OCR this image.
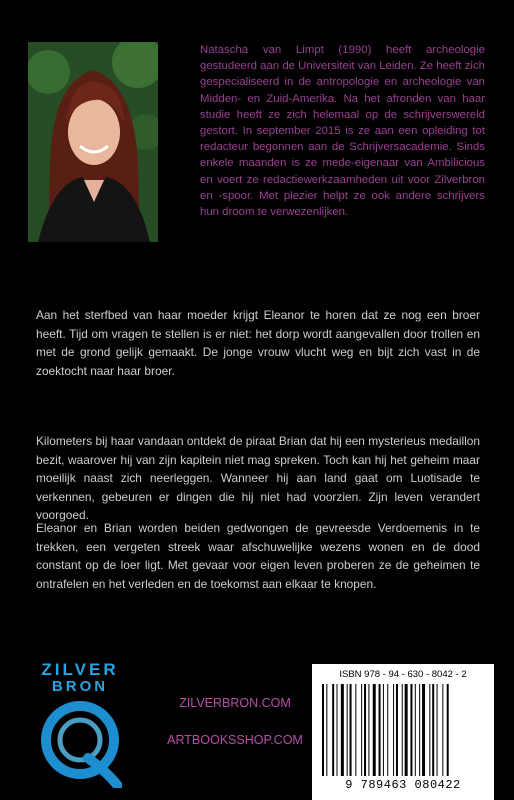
Natascha van Limpt (1990) heeft archeologie gestudeerd aan de Universiteit van Leiden. Ze heeft zich gespecialiseerd in de antropologie en archeologie van Midden- en Zuid-Amerika. Na het afronden van haar studie heeft ze zich helemaal op de schrijverswereld gestort. In september 2015 is ze aan een opleiding tot redacteur begonnen aan de Schrijversacademie. Sinds enkele maanden is ze mede-eigenaar van Ambilicious en voert ze redactiewerkzaamheden uit voor Zilverbron en -spoor. Met plezier helpt ze ook andere schrijvers hun droom te verwezenlijken.

Aan het sterfbed van haar moeder krijgt Eleanor te horen dat ze nog een broer heeft. Tijd om vragen te stellen is er niet: het dorp wordt aangevallen door trollen en met de grond gelijk gemaakt. De jonge vrouw vlucht weg en bijt zich vast in de zoektocht naar haar broer.

Kilometers bij haar vandaan ontdekt de piraat Brian dat hij een mysterieus medaillon bezit, waarover hij van zijn kapitein niet mag spreken. Toch kan hij het geheim maar moeilijk naast zich neerleggen. Wanneer hij aan land gaat om Luotisade te verkennen, gebeuren er dingen die hij niet had voorzien. Zijn leven verandert voorgoed.

Eleanor en Brian worden beiden gedwongen de gevreesde Verdoemenis in te trekken, een vergeten streek waar afschuwelijke wezens wonen en de dood constant op de loer ligt. Met gevaar voor eigen leven proberen ze de geheimen te ontrafelen en het verleden en de toekomst aan elkaar te knopen.

ZILVER
BRON
ZILVERBRON.COM
ARTBOOKSSHOP.COM
ISBN 978 - 94 - 630 - 8042 - 2
9 789463 080422
